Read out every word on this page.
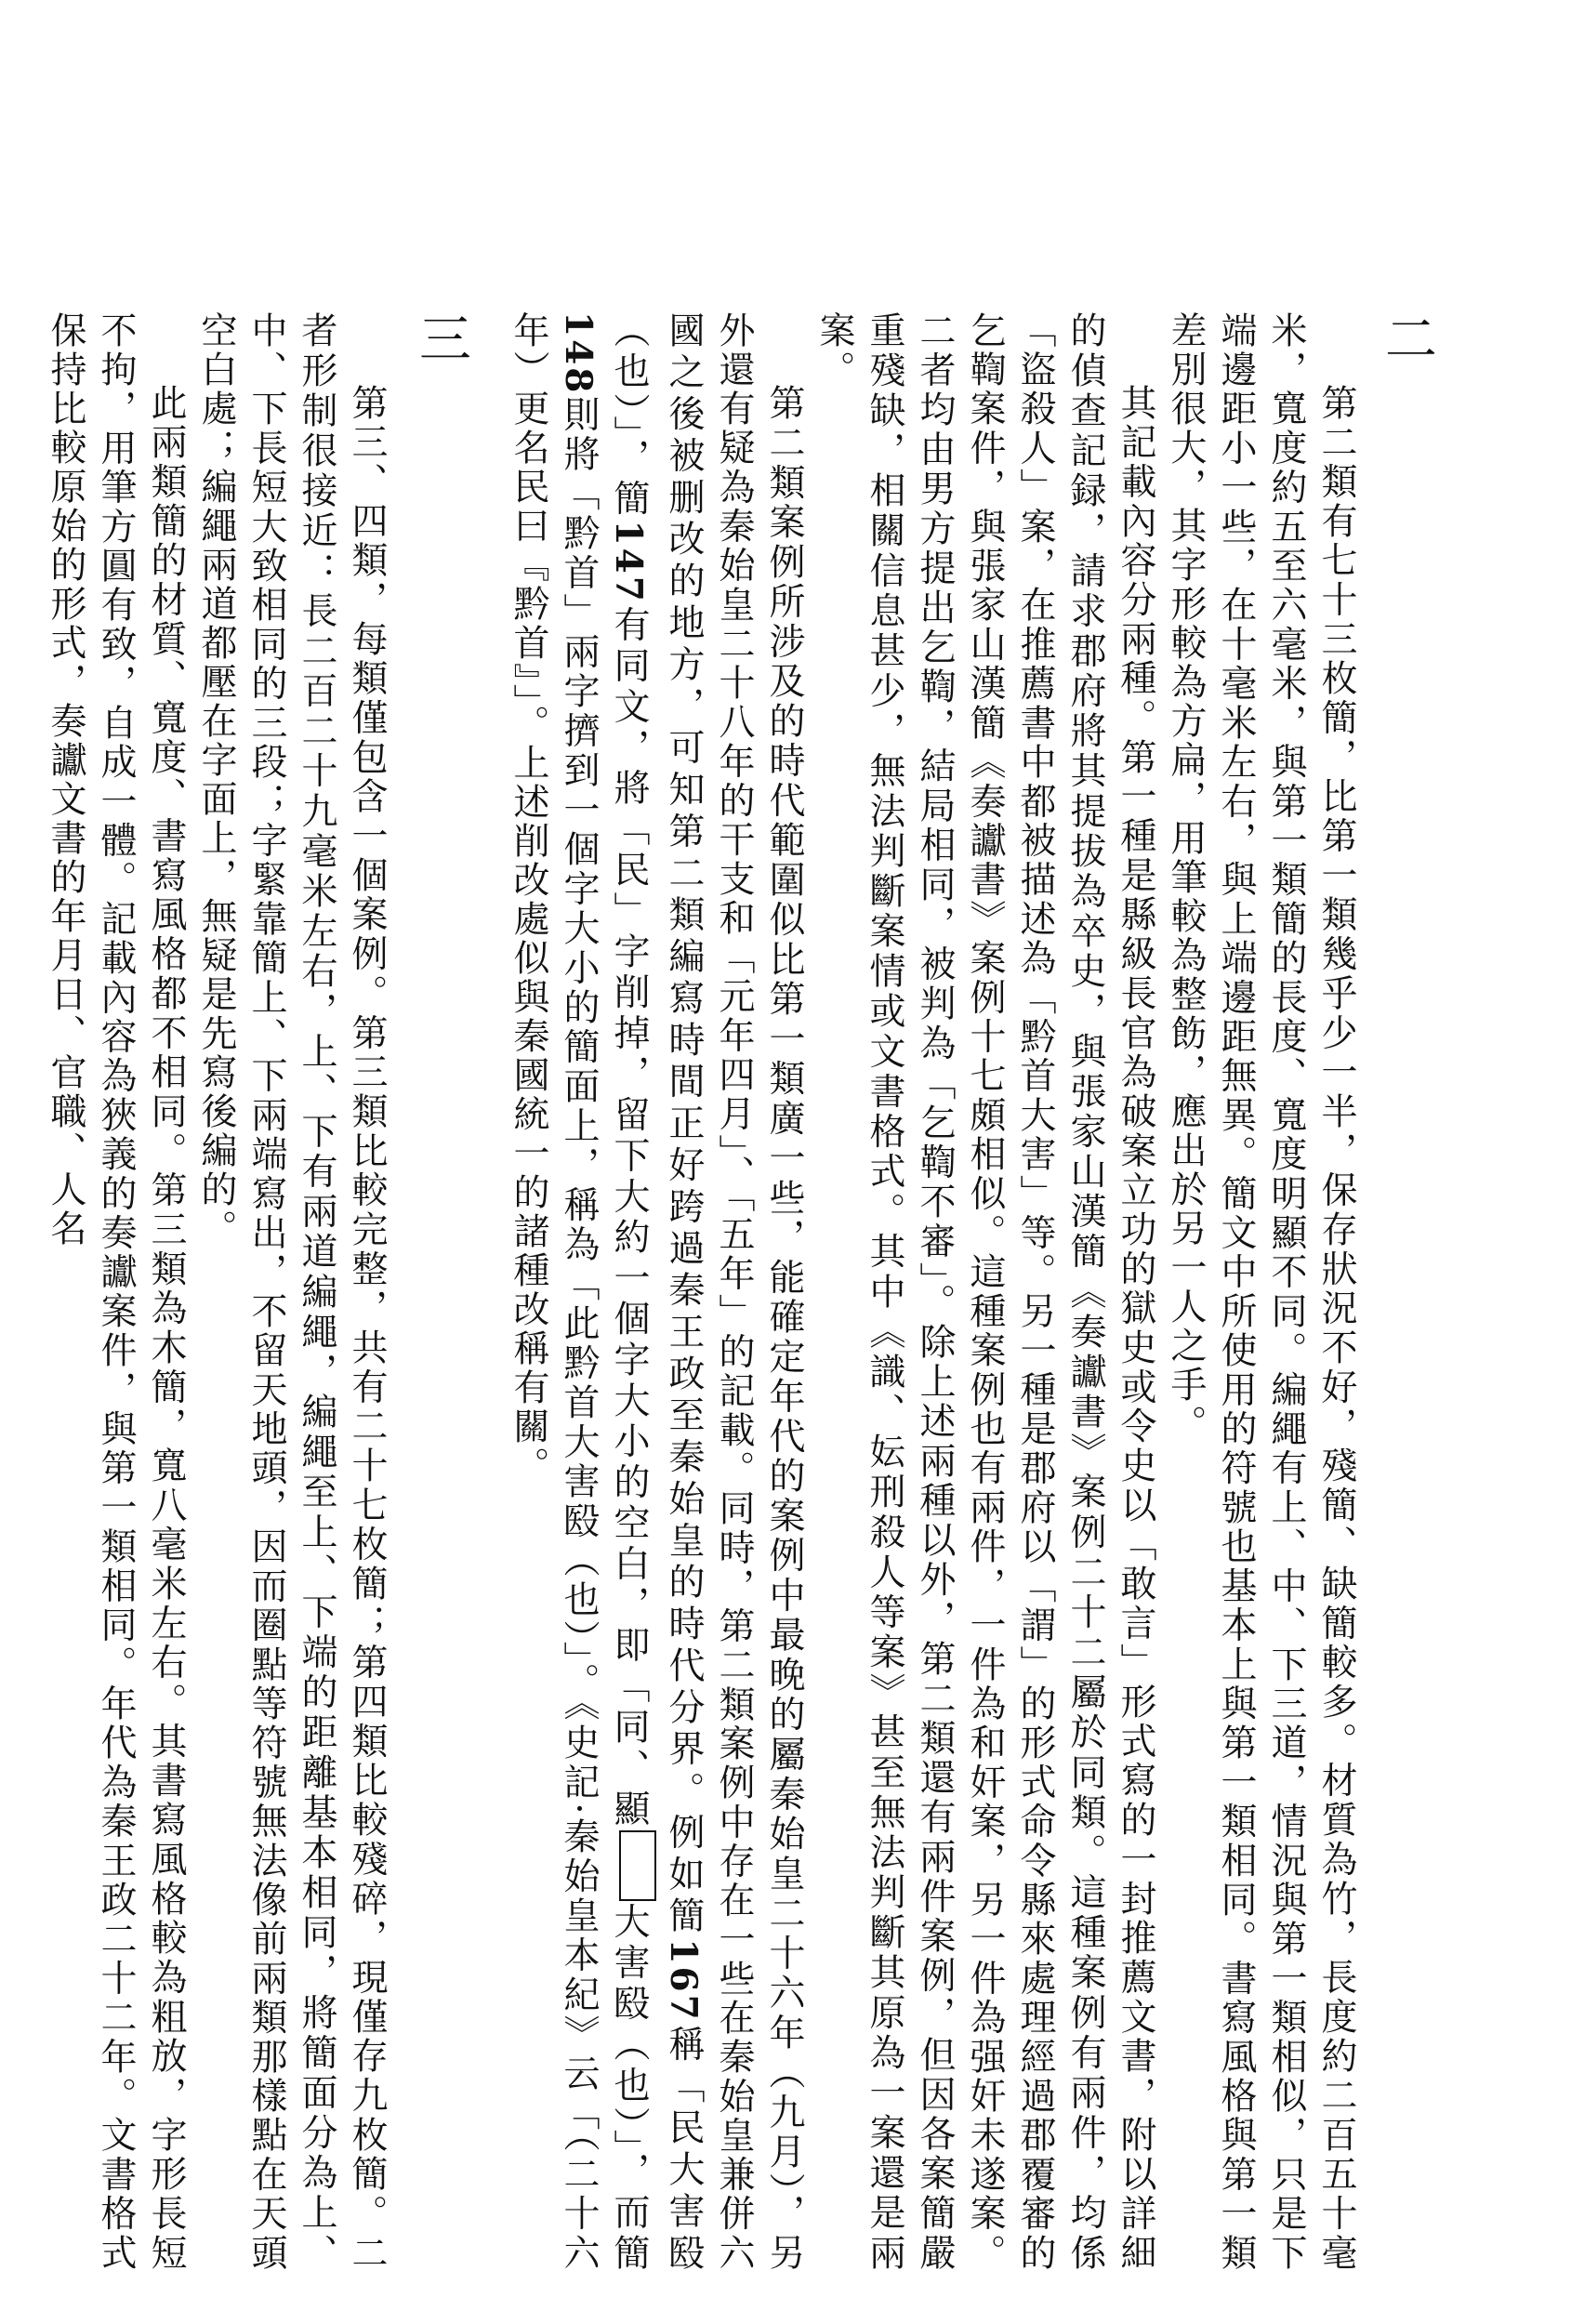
二

第二類有七十三枚簡，比第一類幾乎少一半，保存狀況不好，殘簡、缺簡較多。材質為竹，長度約二百五十毫米，寬度約五至六毫米，與第一類簡的長度、寬度明顯不同。編繩有上、中、下三道，情況與第一類相似，只是下端邊距小一些，在十毫米左右，與上端邊距無異。簡文中所使用的符號也基本上與第一類相同。書寫風格與第一類差別很大，其字形較為方扁，用筆較為整飭，應出於另一人之手。

其記載內容分兩種。第一種是縣級長官為破案立功的獄史或令史以「敢言」形式寫的一封推薦文書，附以詳細的偵查記録，請求郡府將其提拔為卒史，與張家山漢簡《奏讞書》案例二十二屬於同類。這種案例有兩件，均係「盜殺人」案，在推薦書中都被描述為「黔首大害」等。另一種是郡府以「謂」的形式命令縣來處理經過郡覆審的乞鞫案件，與張家山漢簡《奏讞書》案例十七頗相似。這種案例也有兩件，一件為和奸案，另一件為强奸未遂案。二者均由男方提出乞鞫，結局相同，被判為「乞鞫不審」。除上述兩種以外，第二類還有兩件案例，但因各案簡嚴重殘缺，相關信息甚少，無法判斷案情或文書格式。其中《識、妘刑殺人等案》甚至無法判斷其原為一案還是兩案。

第二類案例所涉及的時代範圍似比第一類廣一些，能確定年代的案例中最晚的屬秦始皇二十六年（九月），另外還有疑為秦始皇二十八年的干支和「元年四月」、「五年」的記載。同時，第二類案例中存在一些在秦始皇兼併六國之後被删改的地方，可知第二類編寫時間正好跨過秦王政至秦始皇的時代分界。例如簡167稱「民大害殹（也）」，簡147有同文，將「民」字削掉，留下大約一個字大小的空白，即「同、顯大害殹（也）」，而簡148則將「黔首」兩字擠到一個字大小的簡面上，稱為「此黔首大害殹（也）」。《史記·秦始皇本紀》云「（二十六年）更名民曰『黔首』」。上述削改處似與秦國統一的諸種改稱有關。

三

第三、四類，每類僅包含一個案例。第三類比較完整，共有二十七枚簡；第四類比較殘碎，現僅存九枚簡。二者形制很接近：長二百二十九毫米左右，上、下有兩道編繩，編繩至上、下端的距離基本相同，將簡面分為上、中、下長短大致相同的三段；字緊靠簡上、下兩端寫出，不留天地頭，因而圈點等符號無法像前兩類那樣點在天頭空白處；編繩兩道都壓在字面上，無疑是先寫後編的。

此兩類簡的材質、寬度、書寫風格都不相同。第三類為木簡，寬八毫米左右。其書寫風格較為粗放，字形長短不拘，用筆方圓有致，自成一體。記載內容為狹義的奏讞案件，與第一類相同。年代為秦王政二十二年。文書格式保持比較原始的形式，奏讞文書的年月日、官職、人名
